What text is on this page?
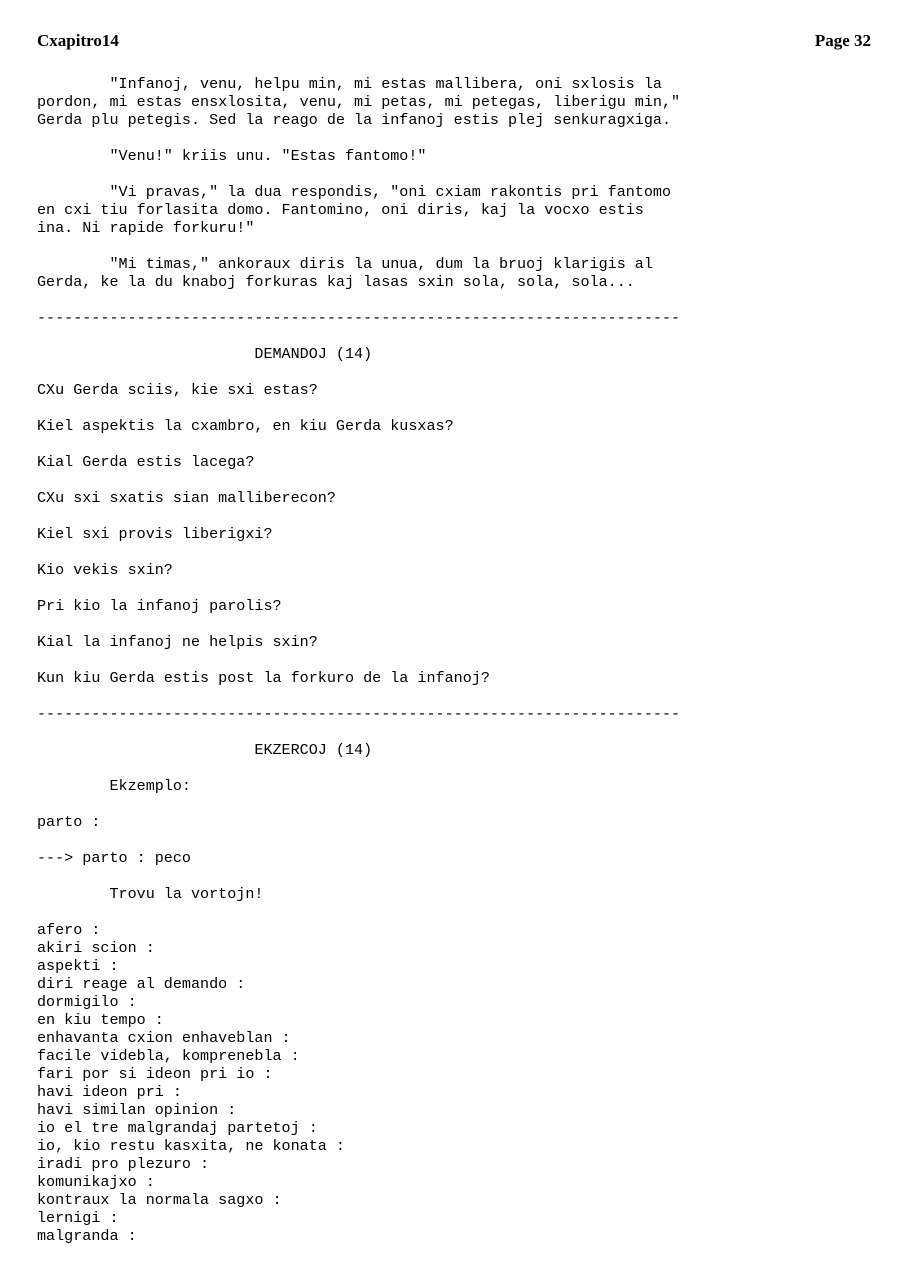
Cxapitro14	Page 32
"Infanoj, venu, helpu min, mi estas mallibera, oni sxlosis la
pordon, mi estas ensxlosita, venu, mi petas, mi petegas, liberigu min,"
Gerda plu petegis. Sed la reago de la infanoj estis plej senkuragxiga.
"Venu!" kriis unu. "Estas fantomo!"
"Vi pravas," la dua respondis, "oni cxiam rakontis pri fantomo
en cxi tiu forlasita domo. Fantomino, oni diris, kaj la vocxo estis
ina. Ni rapide forkuru!"
"Mi timas," ankoraux diris la unua, dum la bruoj klarigis al
Gerda, ke la du knaboj forkuras kaj lasas sxin sola, sola, sola...
-----------------------------------------------------------------------
DEMANDOJ (14)
CXu Gerda sciis, kie sxi estas?
Kiel aspektis la cxambro, en kiu Gerda kusxas?
Kial Gerda estis lacega?
CXu sxi sxatis sian malliberecon?
Kiel sxi provis liberigxi?
Kio vekis sxin?
Pri kio la infanoj parolis?
Kial la infanoj ne helpis sxin?
Kun kiu Gerda estis post la forkuro de la infanoj?
-----------------------------------------------------------------------
EKZERCOJ (14)
Ekzemplo:
parto :
---> parto : peco
Trovu la vortojn!
afero :
akiri scion :
aspekti :
diri reage al demando :
dormigilo :
en kiu tempo :
enhavanta cxion enhaveblan :
facile videbla, komprenebla :
fari por si ideon pri io :
havi ideon pri :
havi similan opinion :
io el tre malgrandaj partetoj :
io, kio restu kasxita, ne konata :
iradi pro plezuro :
komunikajxo :
kontraux la normala sagxo :
lernigi :
malgranda :
